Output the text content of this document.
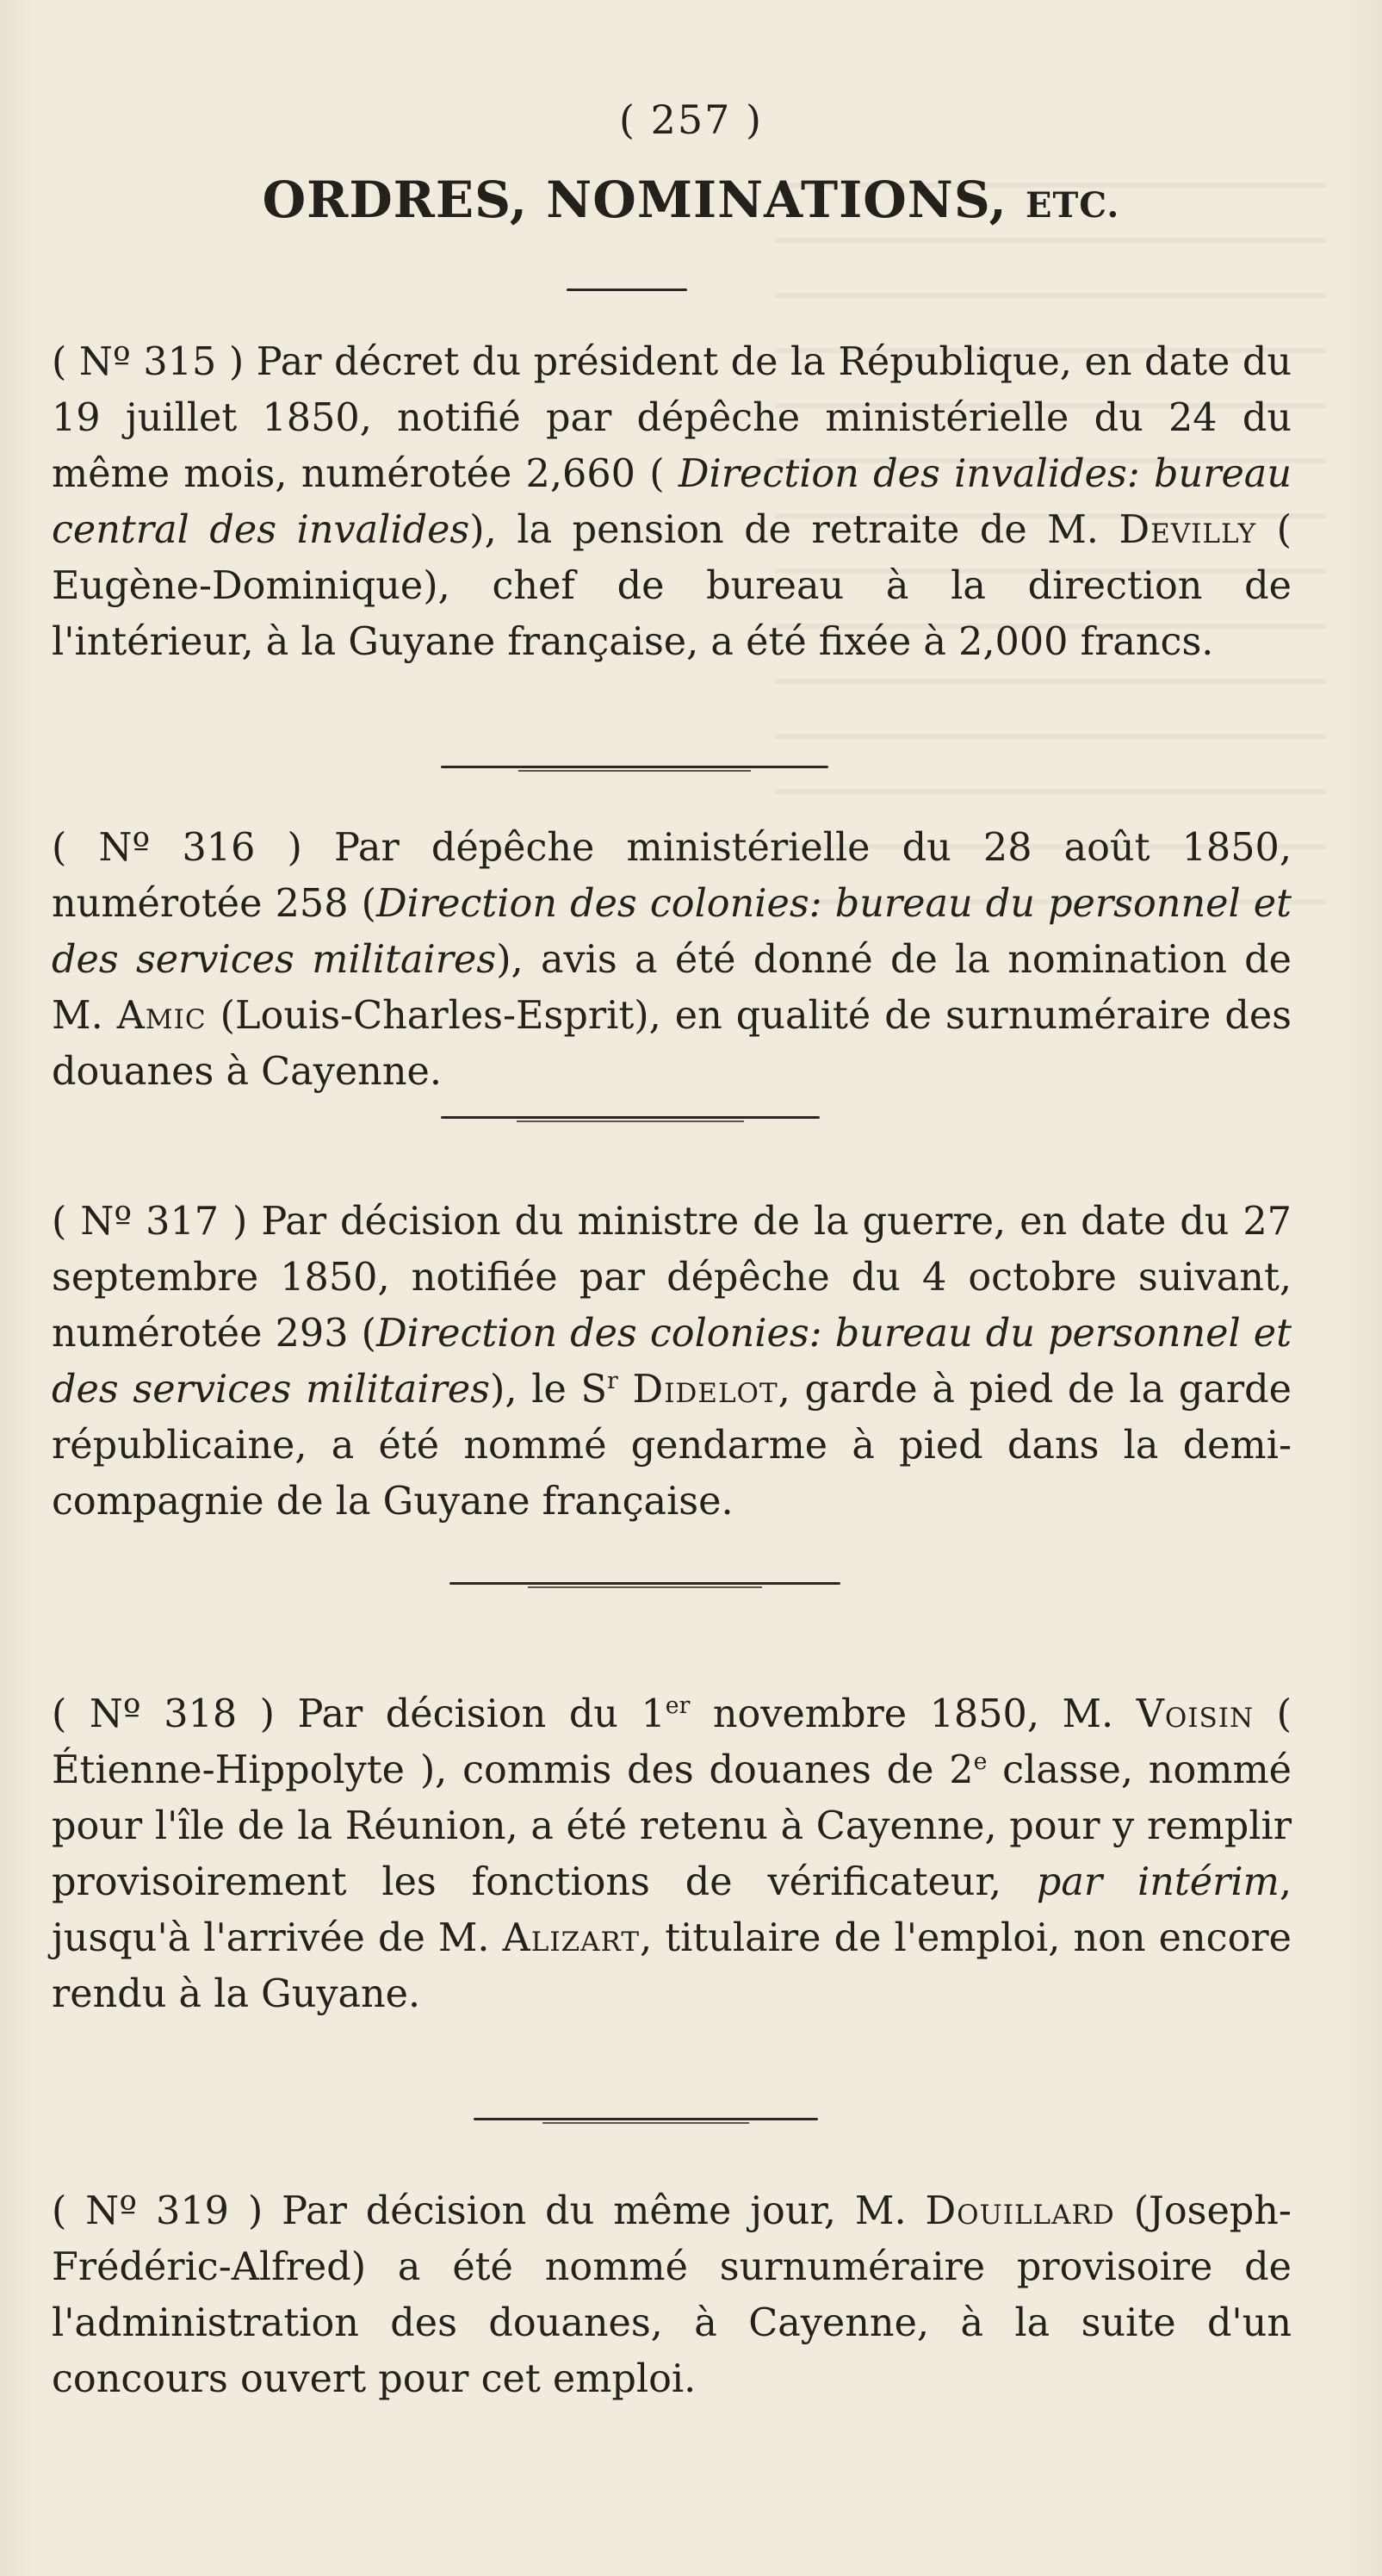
( 257 )
ORDRES, NOMINATIONS, ETC.
( Nº 315 ) Par décret du président de la République, en date du 19 juillet 1850, notifié par dépêche ministérielle du 24 du même mois, numérotée 2,660 ( Direction des invalides: bureau central des invalides), la pension de retraite de M. Devilly ( Eugène-Dominique), chef de bureau à la direction de l'intérieur, à la Guyane française, a été fixée à 2,000 francs.
( Nº 316 ) Par dépêche ministérielle du 28 août 1850, numérotée 258 (Direction des colonies: bureau du personnel et des services militaires), avis a été donné de la nomination de M. Amic (Louis-Charles-Esprit), en qualité de surnuméraire des douanes à Cayenne.
( Nº 317 ) Par décision du ministre de la guerre, en date du 27 septembre 1850, notifiée par dépêche du 4 octobre suivant, numérotée 293 (Direction des colonies: bureau du personnel et des services militaires), le $S^r$ Didelot, garde à pied de la garde républicaine, a été nommé gendarme à pied dans la demi-compagnie de la Guyane française.
( Nº 318 ) Par décision du 1er novembre 1850, M. Voisin ( Étienne-Hippolyte ), commis des douanes de 2e classe, nommé pour l'île de la Réunion, a été retenu à Cayenne, pour y remplir provisoirement les fonctions de vérificateur, par intérim, jusqu'à l'arrivée de M. Alizart, titulaire de l'emploi, non encore rendu à la Guyane.
( Nº 319 ) Par décision du même jour, M. Douillard (Joseph-Frédéric-Alfred) a été nommé surnuméraire provisoire de l'administration des douanes, à Cayenne, à la suite d'un concours ouvert pour cet emploi.
